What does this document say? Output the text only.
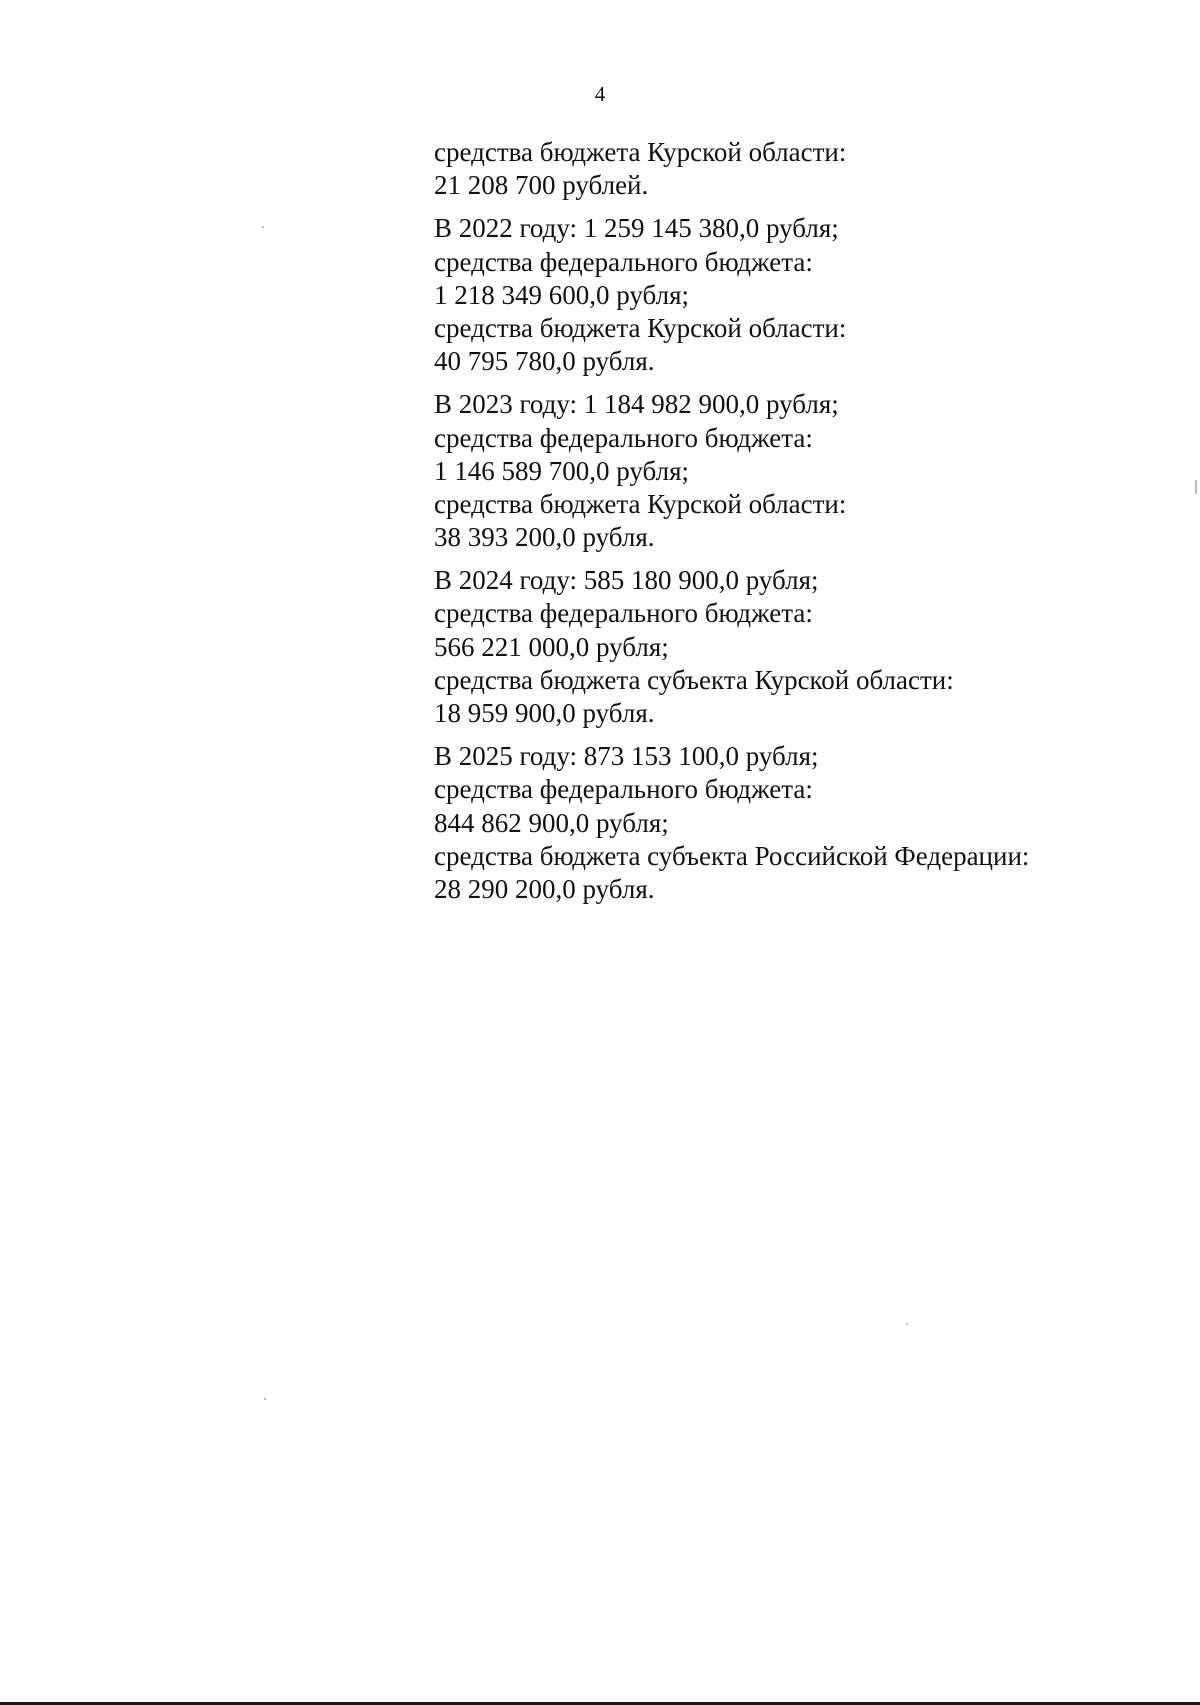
4
средства бюджета Курской области:
21 208 700 рублей.
В 2022 году: 1 259 145 380,0 рубля;
средства федерального бюджета:
1 218 349 600,0 рубля;
средства бюджета Курской области:
40 795 780,0 рубля.
В 2023 году: 1 184 982 900,0 рубля;
средства федерального бюджета:
1 146 589 700,0 рубля;
средства бюджета Курской области:
38 393 200,0 рубля.
В 2024 году: 585 180 900,0 рубля;
средства федерального бюджета:
566 221 000,0 рубля;
средства бюджета субъекта Курской области:
18 959 900,0 рубля.
В 2025 году: 873 153 100,0 рубля;
средства федерального бюджета:
844 862 900,0 рубля;
средства бюджета субъекта Российской Федерации:
28 290 200,0 рубля.
